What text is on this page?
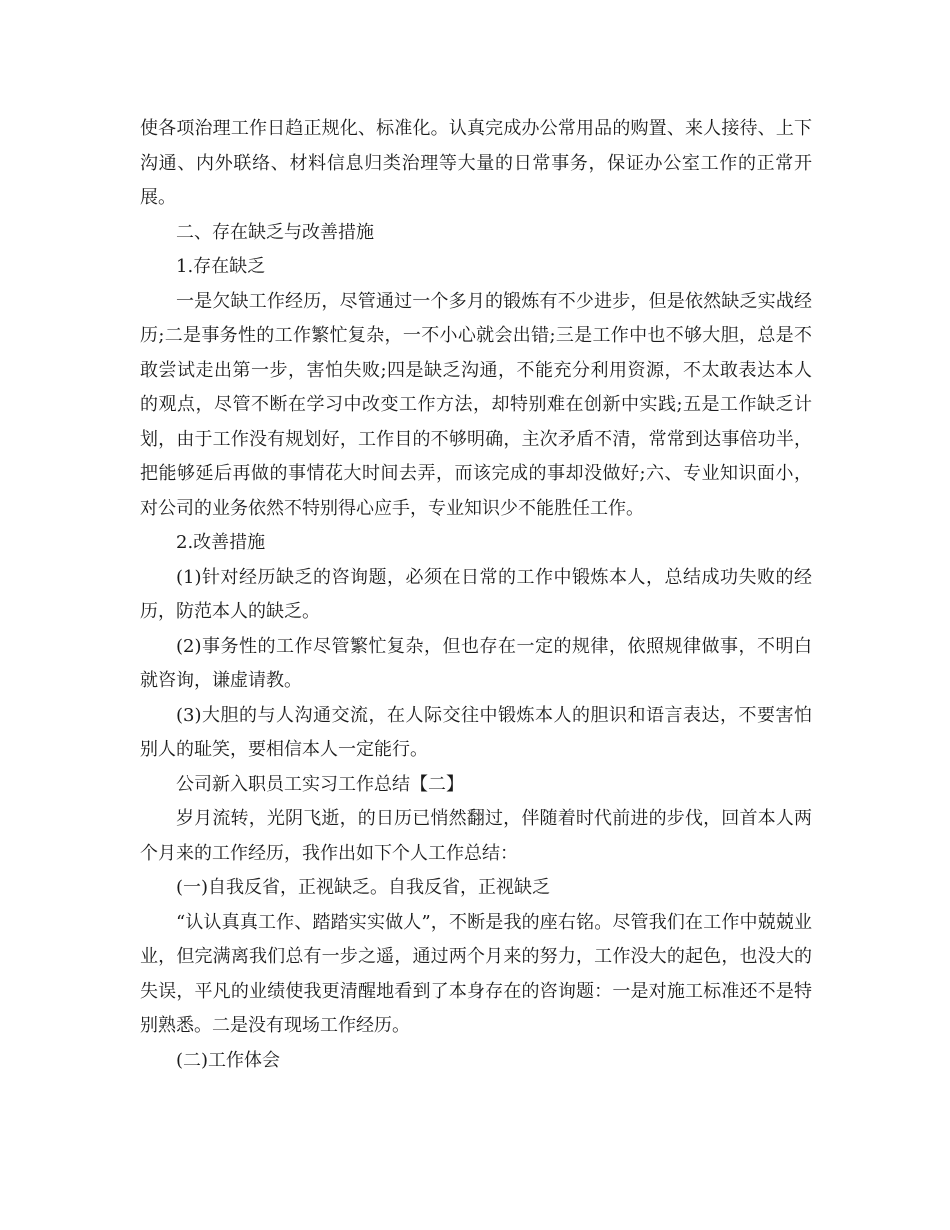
使各项治理工作日趋正规化、标准化。认真完成办公常用品的购置、来人接待、上下沟通、内外联络、材料信息归类治理等大量的日常事务，保证办公室工作的正常开展。

二、存在缺乏与改善措施

1.存在缺乏

一是欠缺工作经历，尽管通过一个多月的锻炼有不少进步，但是依然缺乏实战经历;二是事务性的工作繁忙复杂，一不小心就会出错;三是工作中也不够大胆，总是不敢尝试走出第一步，害怕失败;四是缺乏沟通，不能充分利用资源，不太敢表达本人的观点，尽管不断在学习中改变工作方法，却特别难在创新中实践;五是工作缺乏计划，由于工作没有规划好，工作目的不够明确，主次矛盾不清，常常到达事倍功半，把能够延后再做的事情花大时间去弄，而该完成的事却没做好;六、专业知识面小，对公司的业务依然不特别得心应手，专业知识少不能胜任工作。

2.改善措施

(1)针对经历缺乏的咨询题，必须在日常的工作中锻炼本人，总结成功失败的经历，防范本人的缺乏。

(2)事务性的工作尽管繁忙复杂，但也存在一定的规律，依照规律做事，不明白就咨询，谦虚请教。

(3)大胆的与人沟通交流，在人际交往中锻炼本人的胆识和语言表达，不要害怕别人的耻笑，要相信本人一定能行。

公司新入职员工实习工作总结【二】

岁月流转，光阴飞逝，的日历已悄然翻过，伴随着时代前进的步伐，回首本人两个月来的工作经历，我作出如下个人工作总结：

(一)自我反省，正视缺乏。自我反省，正视缺乏

“认认真真工作、踏踏实实做人”，不断是我的座右铭。尽管我们在工作中兢兢业业，但完满离我们总有一步之遥，通过两个月来的努力，工作没大的起色，也没大的失误，平凡的业绩使我更清醒地看到了本身存在的咨询题：一是对施工标准还不是特别熟悉。二是没有现场工作经历。

(二)工作体会
